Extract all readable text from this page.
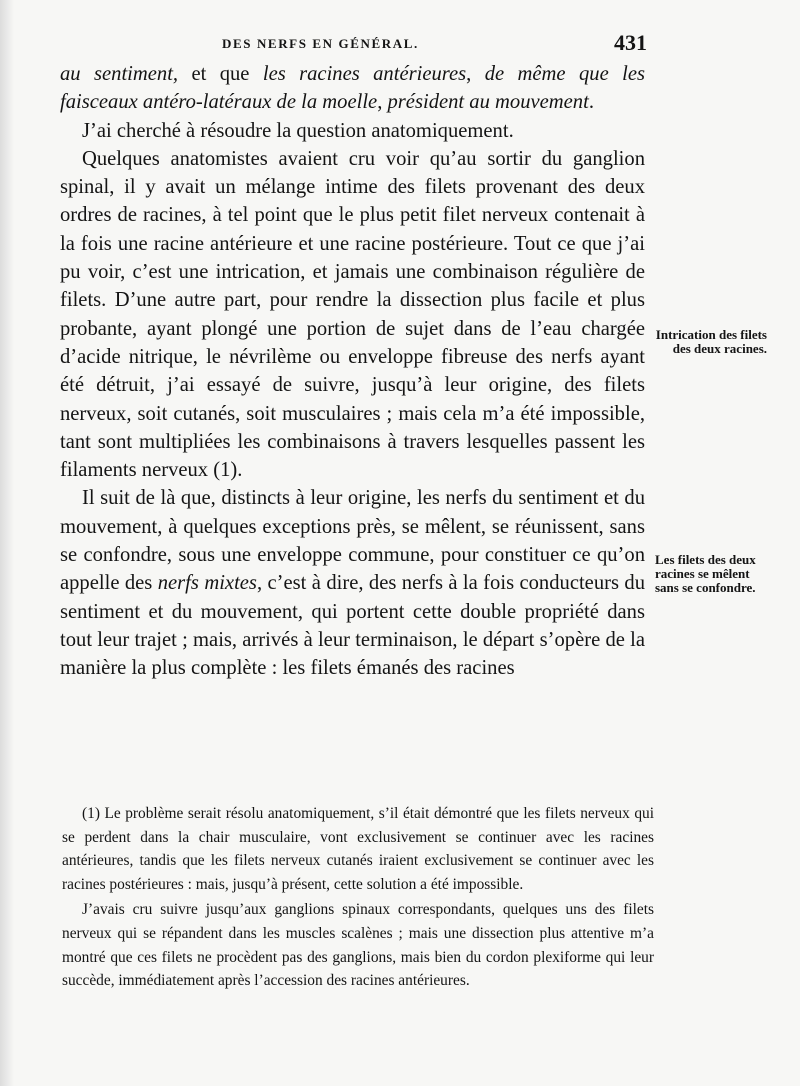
DES NERFS EN GÉNÉRAL.	431

au sentiment, et que les racines antérieures, de même que les faisceaux antéro-latéraux de la moelle, président au mouvement.

J’ai cherché à résoudre la question anatomiquement.

Quelques anatomistes avaient cru voir qu’au sortir du ganglion spinal, il y avait un mélange intime des filets provenant des deux ordres de racines, à tel point que le plus petit filet nerveux contenait à la fois une racine antérieure et une racine postérieure. Tout ce que j’ai pu voir, c’est une intrication, et jamais une combinaison régulière de filets. D’une autre part, pour rendre la dissection plus facile et plus probante, ayant plongé une portion de sujet dans de l’eau chargée d’acide nitrique, le névrilème ou enveloppe fibreuse des nerfs ayant été détruit, j’ai essayé de suivre, jusqu’à leur origine, des filets nerveux, soit cutanés, soit musculaires ; mais cela m’a été impossible, tant sont multipliées les combinaisons à travers lesquelles passent les filaments nerveux (1).

Il suit de là que, distincts à leur origine, les nerfs du sentiment et du mouvement, à quelques exceptions près, se mêlent, se réunissent, sans se confondre, sous une enveloppe commune, pour constituer ce qu’on appelle des nerfs mixtes, c’est à dire, des nerfs à la fois conducteurs du sentiment et du mouvement, qui portent cette double propriété dans tout leur trajet ; mais, arrivés à leur terminaison, le départ s’opère de la manière la plus complète : les filets émanés des racines

Intrication des filets des deux racines.
Les filets des deux racines se mêlent sans se confondre.

(1) Le problème serait résolu anatomiquement, s’il était démontré que les filets nerveux qui se perdent dans la chair musculaire, vont exclusivement se continuer avec les racines antérieures, tandis que les filets nerveux cutanés iraient exclusivement se continuer avec les racines postérieures : mais, jusqu’à présent, cette solution a été impossible.

J’avais cru suivre jusqu’aux ganglions spinaux correspondants, quelques uns des filets nerveux qui se répandent dans les muscles scalènes ; mais une dissection plus attentive m’a montré que ces filets ne procèdent pas des ganglions, mais bien du cordon plexiforme qui leur succède, immédiatement après l’accession des racines antérieures.
